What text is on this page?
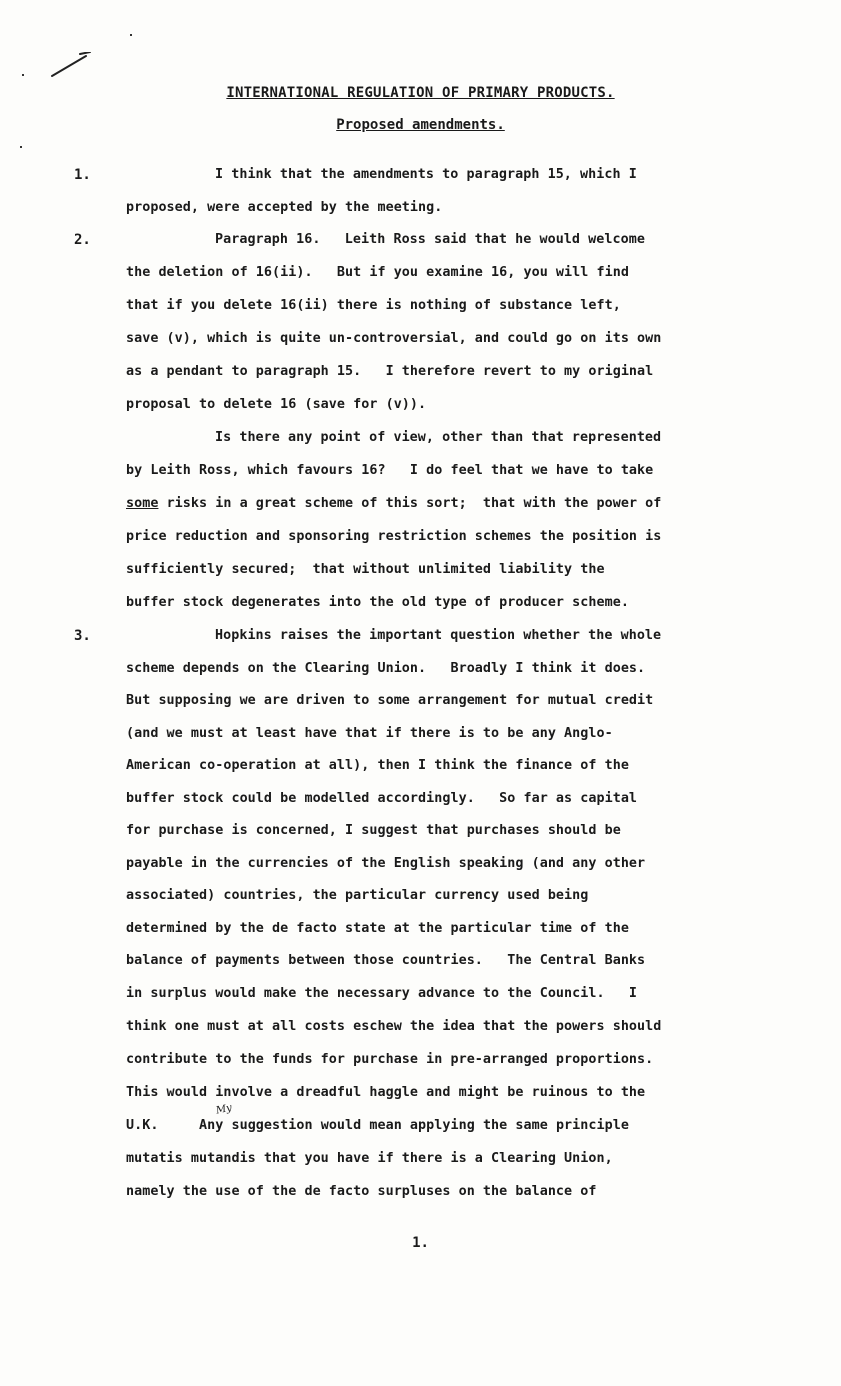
INTERNATIONAL REGULATION OF PRIMARY PRODUCTS.
Proposed amendments.
1.	I think that the amendments to paragraph 15, which I
proposed, were accepted by the meeting.
2.	Paragraph 16.   Leith Ross said that he would welcome
the deletion of 16(ii).   But if you examine 16, you will find
that if you delete 16(ii) there is nothing of substance left,
save (v), which is quite un-controversial, and could go on its own
as a pendant to paragraph 15.   I therefore revert to my original
proposal to delete 16 (save for (v)).
Is there any point of view, other than that represented
by Leith Ross, which favours 16?   I do feel that we have to take
some risks in a great scheme of this sort;  that with the power of
price reduction and sponsoring restriction schemes the position is
sufficiently secured;  that without unlimited liability the
buffer stock degenerates into the old type of producer scheme.
3.	Hopkins raises the important question whether the whole
scheme depends on the Clearing Union.   Broadly I think it does.
But supposing we are driven to some arrangement for mutual credit
(and we must at least have that if there is to be any Anglo-
American co-operation at all), then I think the finance of the
buffer stock could be modelled accordingly.   So far as capital
for purchase is concerned, I suggest that purchases should be
payable in the currencies of the English speaking (and any other
associated) countries, the particular currency used being
determined by the de facto state at the particular time of the
balance of payments between those countries.   The Central Banks
in surplus would make the necessary advance to the Council.   I
think one must at all costs eschew the idea that the powers should
contribute to the funds for purchase in pre-arranged proportions.
This would involve a dreadful haggle and might be ruinous to the
U.K.     Any suggestion would mean applying the same principle
My
mutatis mutandis that you have if there is a Clearing Union,
namely the use of the de facto surpluses on the balance of
1.
